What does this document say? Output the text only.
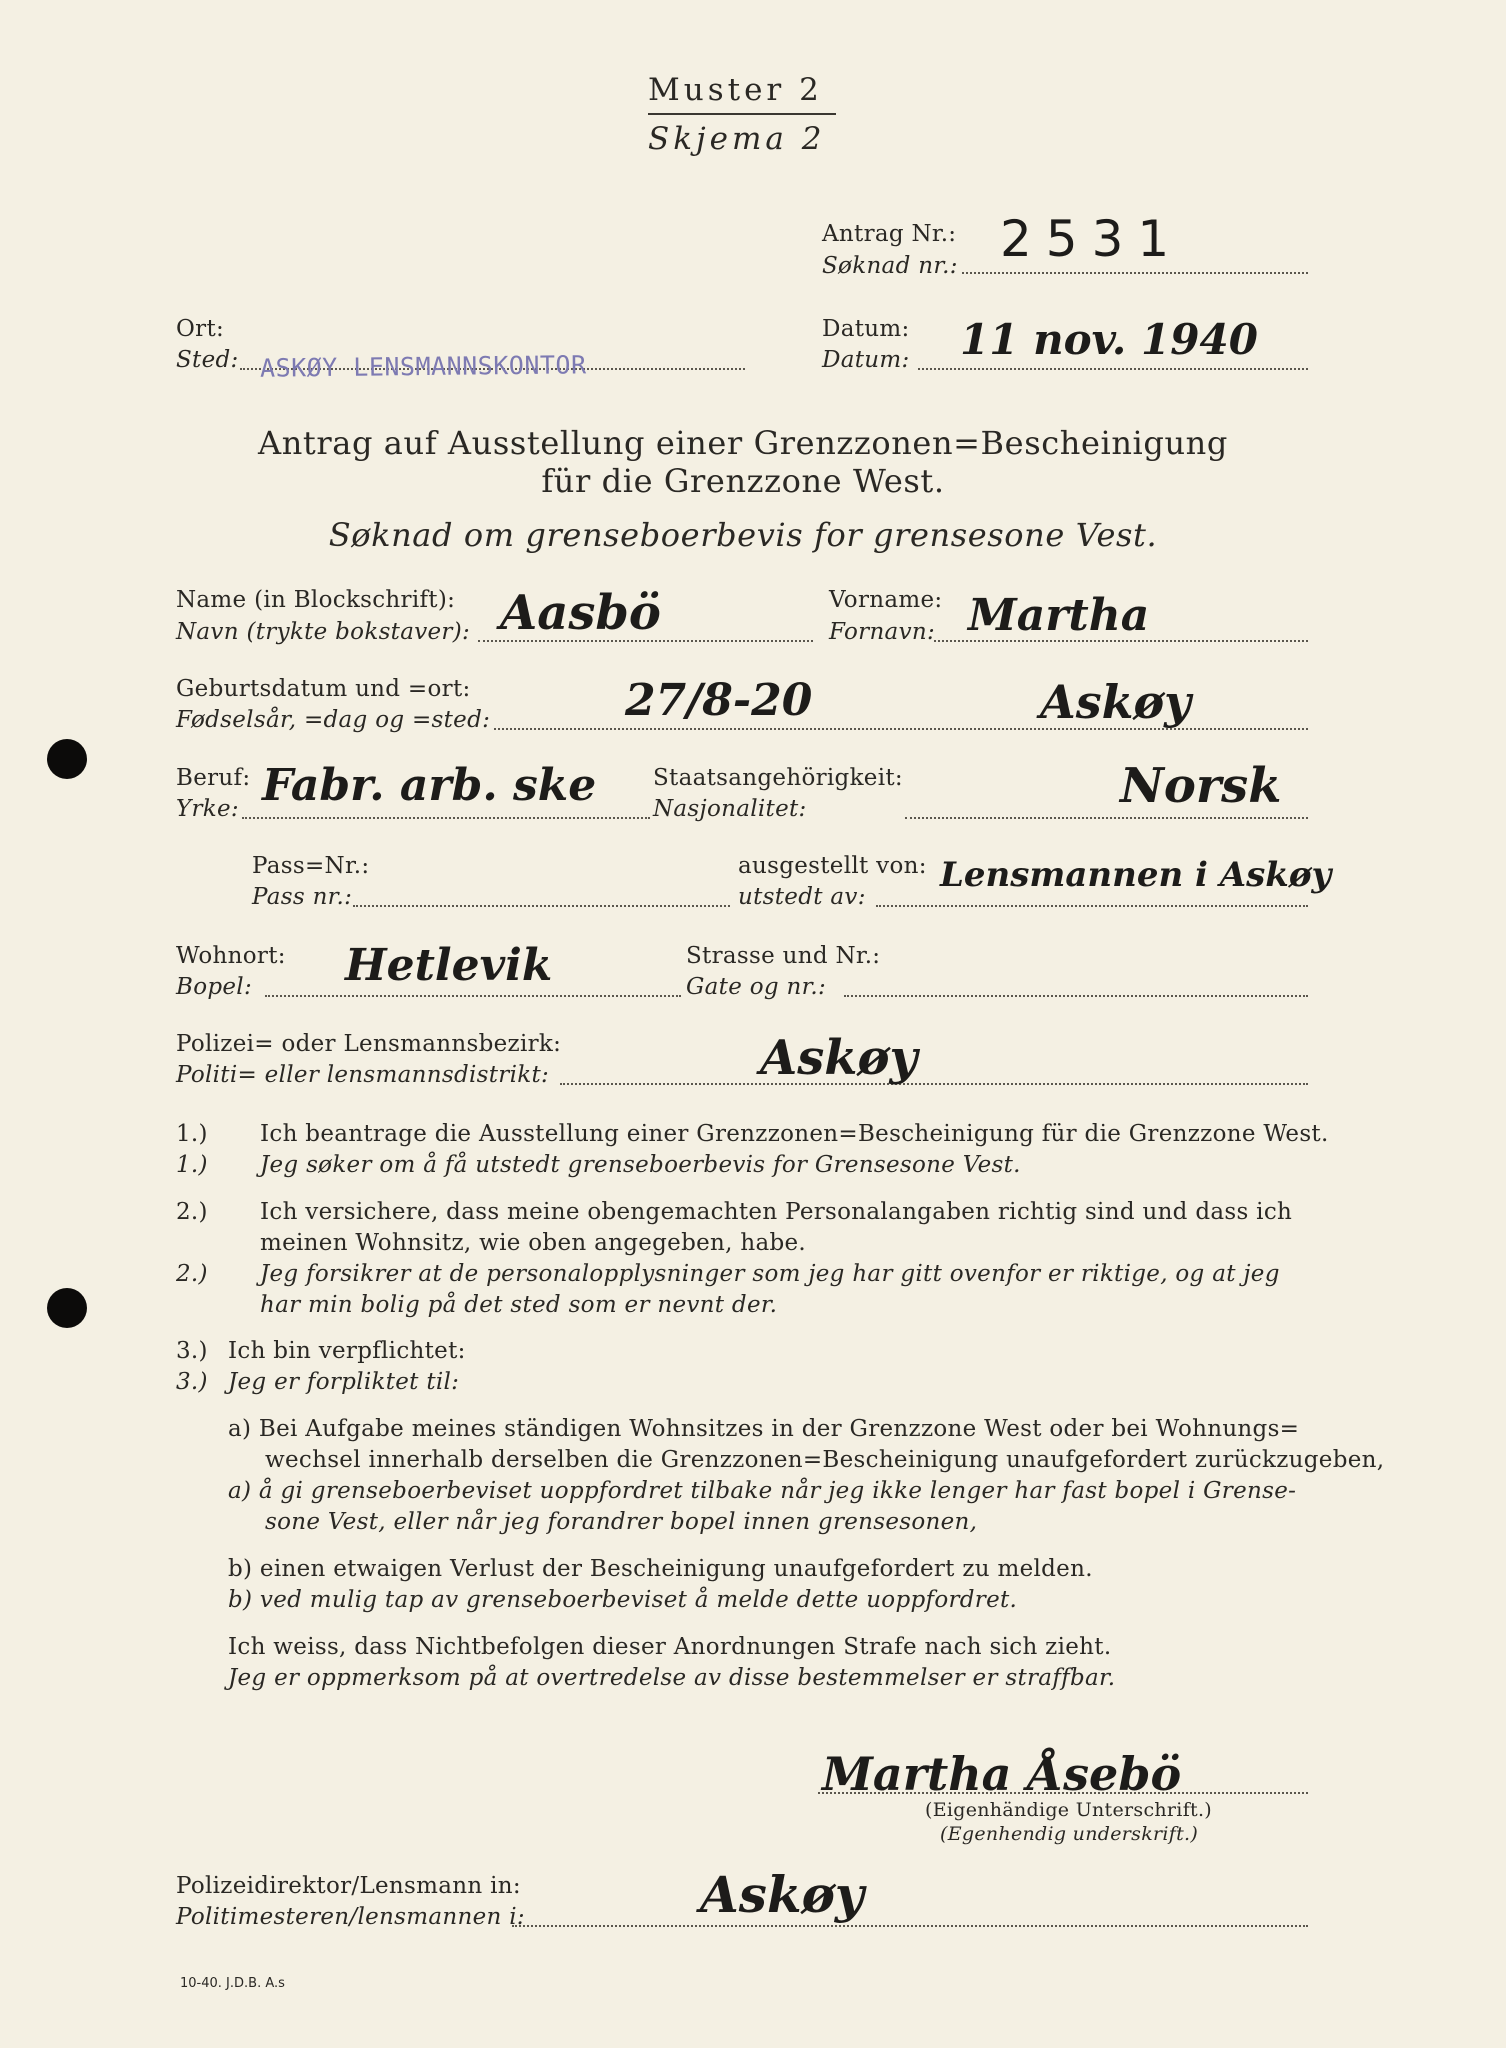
Muster 2
Skjema 2
Antrag Nr.:
Søknad nr.: 2531
Ort:
Sted: ASKØY LENSMANNSKONTOR
Datum:
Datum: 11 nov. 1940
Antrag auf Ausstellung einer Grenzzonen=Bescheinigung
für die Grenzzone West.
Søknad om grenseboerbevis for grensesone Vest.
Name (in Blockschrift):
Navn (trykte bokstaver): Aasbö	Vorname:
Fornavn: Martha
Geburtsdatum und =ort:
Fødselsår, =dag og =sted:	27/8-20	Askøy
Beruf:
Yrke: Fabr. arb. ske Staatsangehörigkeit:
Nasjonalitet:	Norsk
Pass=Nr.:
Pass nr.:
ausgestellt von:
utstedt av:
Lensmannen i Askøy
Wohnort:
Bopel: Hetlevik	Strasse und Nr.:
Gate og nr.:
Polizei= oder Lensmannsbezirk:
Politi= eller lensmannsdistrikt:	Askøy
1.) Ich beantrage die Ausstellung einer Grenzzonen=Bescheinigung für die Grenzzone West.
1.) Jeg søker om å få utstedt grenseboerbevis for Grensesone Vest.
2.) Ich versichere, dass meine obengemachten Personalangaben richtig sind und dass ich
meinen Wohnsitz, wie oben angegeben, habe.
2.) Jeg forsikrer at de personalopplysninger som jeg har gitt ovenfor er riktige, og at jeg
har min bolig på det sted som er nevnt der.
3.) Ich bin verpflichtet:
3.) Jeg er forpliktet til:
a) Bei Aufgabe meines ständigen Wohnsitzes in der Grenzzone West oder bei Wohnungs=
wechsel innerhalb derselben die Grenzzonen=Bescheinigung unaufgefordert zurückzugeben,
a) å gi grenseboerbeviset uoppfordret tilbake når jeg ikke lenger har fast bopel i Grense-
sone Vest, eller når jeg forandrer bopel innen grensesonen,
b) einen etwaigen Verlust der Bescheinigung unaufgefordert zu melden.
b) ved mulig tap av grenseboerbeviset å melde dette uoppfordret.
Ich weiss, dass Nichtbefolgen dieser Anordnungen Strafe nach sich zieht.
Jeg er oppmerksom på at overtredelse av disse bestemmelser er straffbar.
Martha Åsebö
(Eigenhändige Unterschrift.)
(Egenhendig underskrift.)
Polizeidirektor/Lensmann in:
Politimesteren/lensmannen i:	Askøy
10-40. J.D.B. A.s
